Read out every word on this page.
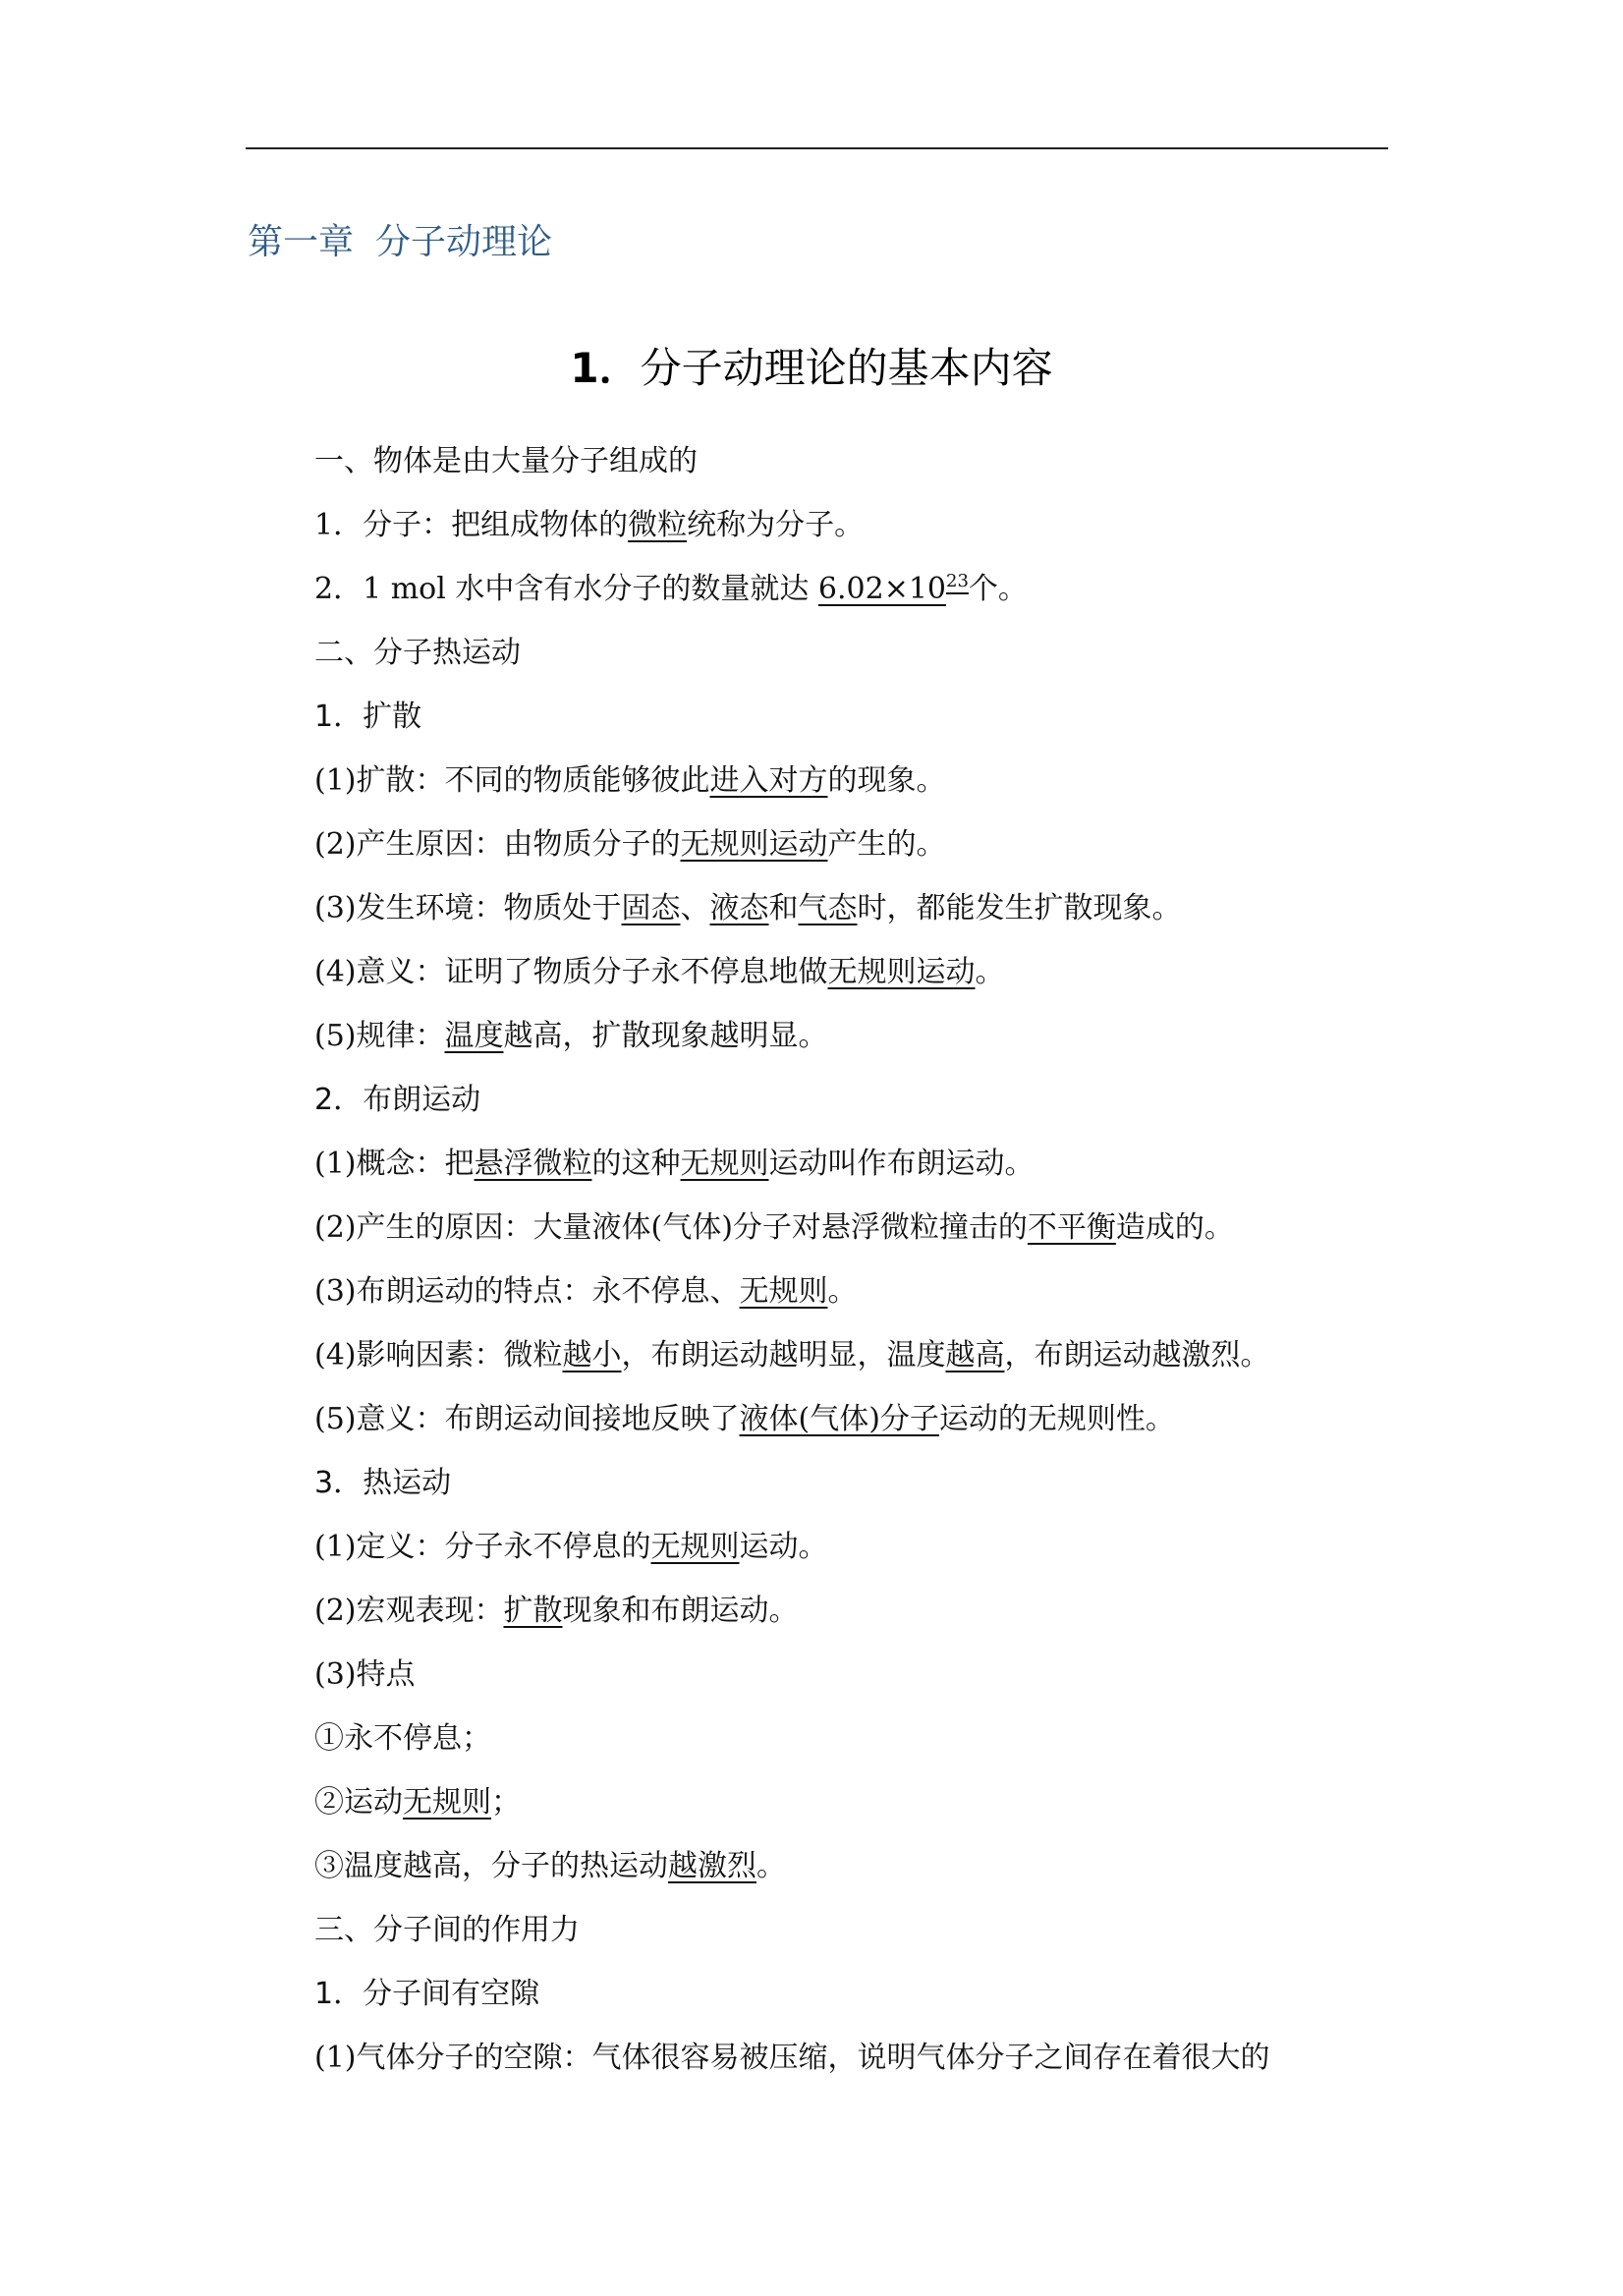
第一章 分子动理论
1．分子动理论的基本内容
一、物体是由大量分子组成的
1．分子：把组成物体的微粒统称为分子。
2．1 mol 水中含有水分子的数量就达 $6.02\times 10^{23}$个。
二、分子热运动
1．扩散
(1)扩散：不同的物质能够彼此进入对方的现象。
(2)产生原因：由物质分子的无规则运动产生的。
(3)发生环境：物质处于固态、液态和气态时，都能发生扩散现象。
(4)意义：证明了物质分子永不停息地做无规则运动。
(5)规律：温度越高，扩散现象越明显。
2．布朗运动
(1)概念：把悬浮微粒的这种无规则运动叫作布朗运动。
(2)产生的原因：大量液体(气体)分子对悬浮微粒撞击的不平衡造成的。
(3)布朗运动的特点：永不停息、无规则。
(4)影响因素：微粒越小，布朗运动越明显，温度越高，布朗运动越激烈。
(5)意义：布朗运动间接地反映了液体(气体)分子运动的无规则性。
3．热运动
(1)定义：分子永不停息的无规则运动。
(2)宏观表现：扩散现象和布朗运动。
(3)特点
①永不停息；
②运动无规则；
③温度越高，分子的热运动越激烈。
三、分子间的作用力
1．分子间有空隙
(1)气体分子的空隙：气体很容易被压缩，说明气体分子之间存在着很大的
